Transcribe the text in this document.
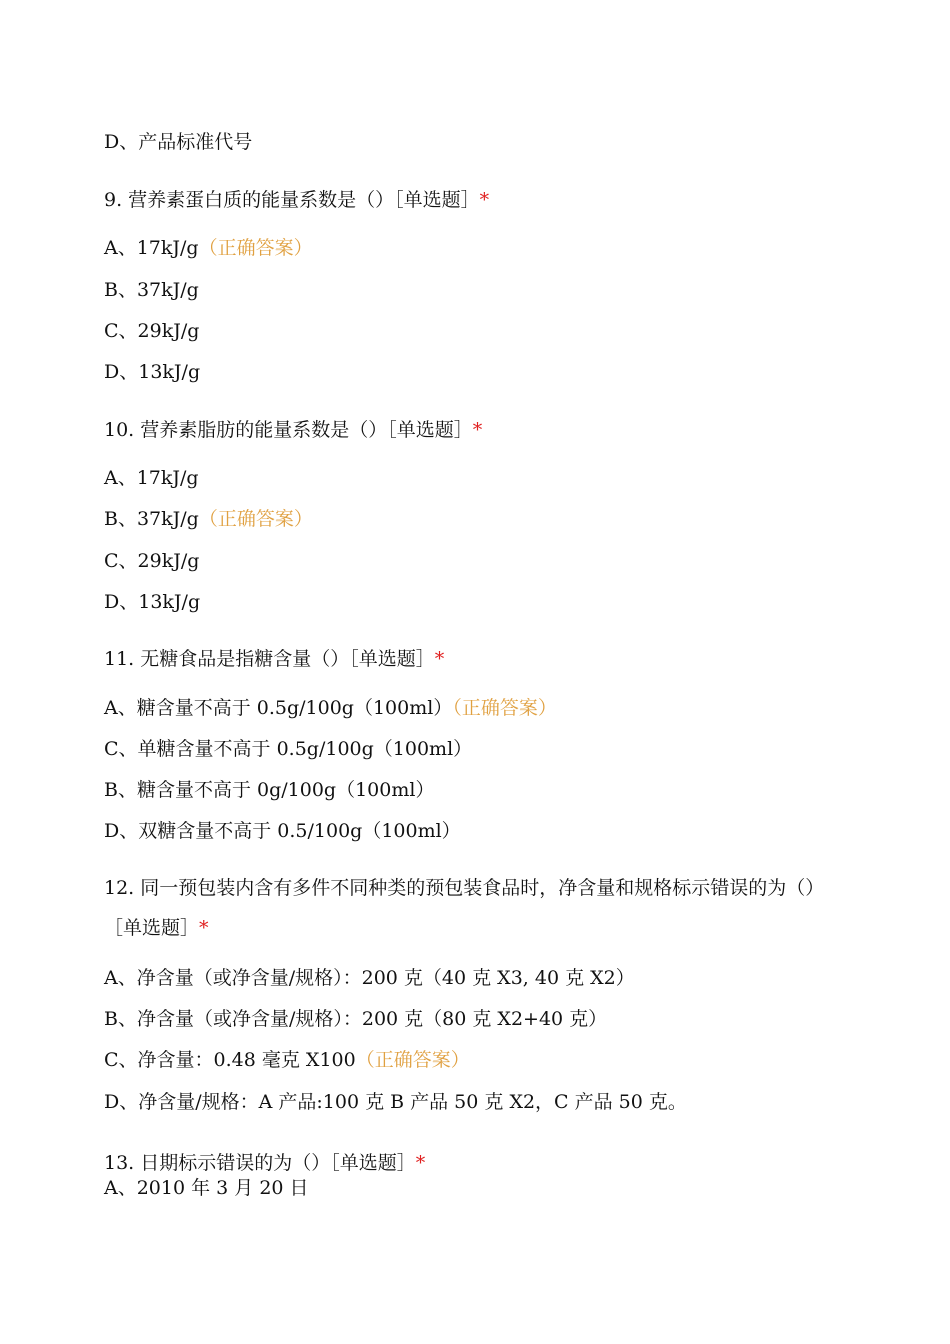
D、产品标准代号
9. 营养素蛋白质的能量系数是（）［单选题］*
A、17kJ/g（正确答案）
B、37kJ/g
C、29kJ/g
D、13kJ/g
10. 营养素脂肪的能量系数是（）［单选题］*
A、17kJ/g
B、37kJ/g（正确答案）
C、29kJ/g
D、13kJ/g
11. 无糖食品是指糖含量（）［单选题］*
A、糖含量不高于 0.5g/100g（100ml）（正确答案）
C、单糖含量不高于 0.5g/100g（100ml）
B、糖含量不高于 0g/100g（100ml）
D、双糖含量不高于 0.5/100g（100ml）
12. 同一预包装内含有多件不同种类的预包装食品时，净含量和规格标示错误的为（）［单选题］*
A、净含量（或净含量/规格）：200 克（40 克 X3, 40 克 X2）
B、净含量（或净含量/规格）：200 克（80 克 X2+40 克）
C、净含量：0.48 毫克 X100（正确答案）
D、净含量/规格：A 产品:100 克 B 产品 50 克 X2，C 产品 50 克。
13. 日期标示错误的为（）［单选题］*
A、2010 年 3 月 20 日
